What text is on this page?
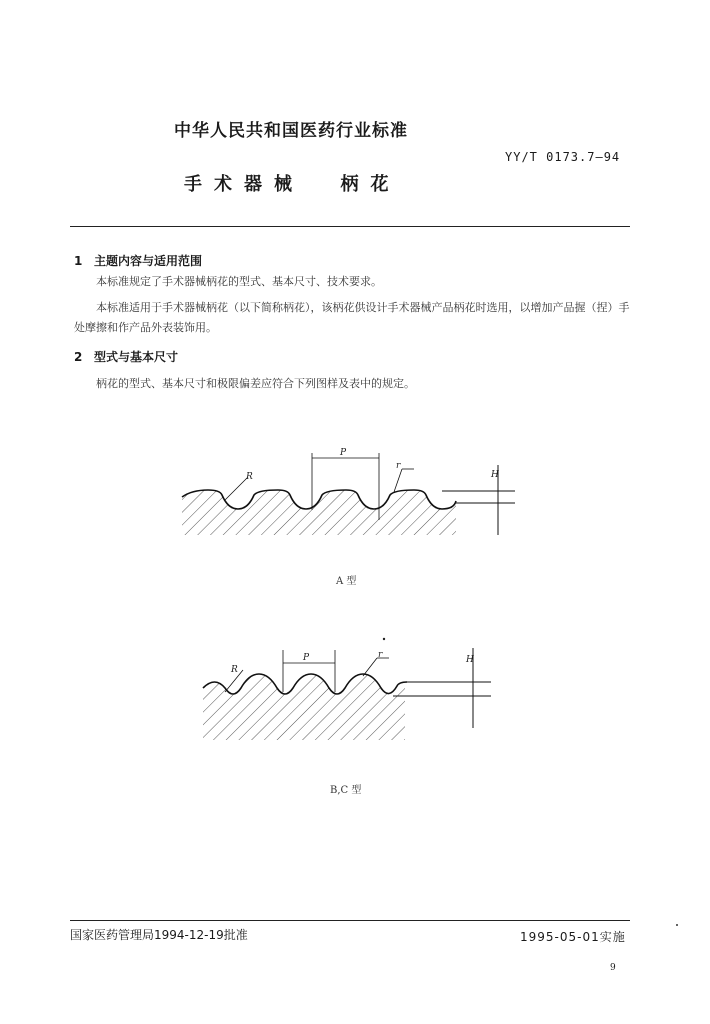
中华人民共和国医药行业标准
YY/T 0173.7—94
手术器械  柄花
1 主题内容与适用范围
本标准规定了手术器械柄花的型式、基本尺寸、技术要求。
本标准适用于手术器械柄花（以下简称柄花），该柄花供设计手术器械产品柄花时选用，以增加产品握（捏）手处摩擦和作产品外表装饰用。
2 型式与基本尺寸
柄花的型式、基本尺寸和极限偏差应符合下列图样及表中的规定。
P
R
r
H
A 型
P
R
r	H
B,C 型
国家医药管理局1994-12-19批准	1995-05-01实施
9
